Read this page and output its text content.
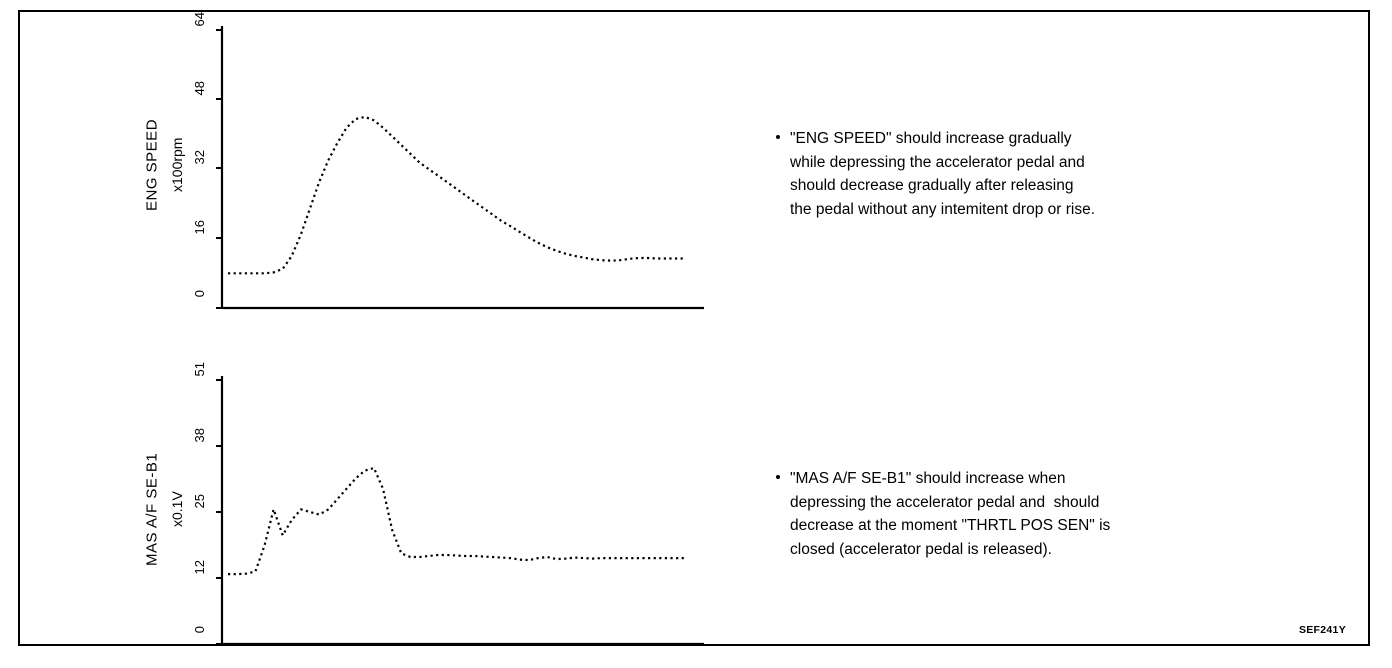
ENG SPEED x100rpm
0
16
32
48
64
MAS A/F SE-B1 x0.1V
0
12
25
38
51
"ENG SPEED" should increase gradually
while depressing the accelerator pedal and
should decrease gradually after releasing
the pedal without any intemitent drop or rise.
"MAS A/F SE-B1" should increase when
depressing the accelerator pedal and  should
decrease at the moment "THRTL POS SEN" is
closed (accelerator pedal is released).
SEF241Y
